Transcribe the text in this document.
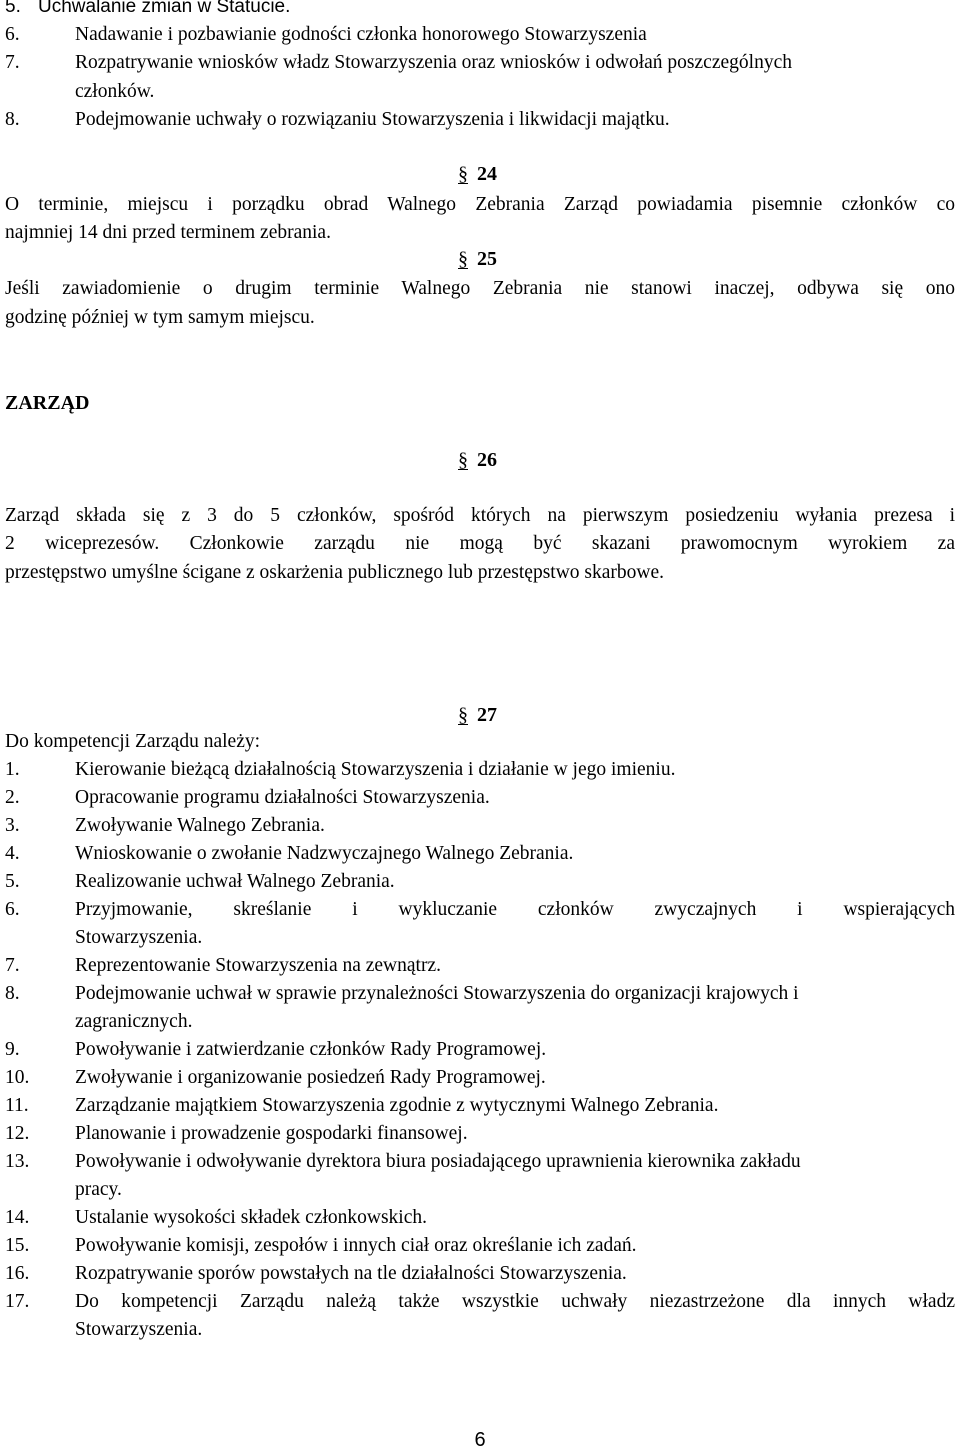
5. Uchwalanie zmian w Statucie.
6.	Nadawanie i pozbawianie godności członka honorowego Stowarzyszenia
7.	Rozpatrywanie wniosków władz Stowarzyszenia oraz wniosków i odwołań poszczególnych
członków.
8.	Podejmowanie uchwały o rozwiązaniu Stowarzyszenia i likwidacji majątku.
§ 24
O terminie, miejscu i porządku obrad Walnego Zebrania Zarząd powiadamia pisemnie członków co
najmniej 14 dni przed terminem zebrania.
§ 25
Jeśli zawiadomienie o drugim terminie Walnego Zebrania nie stanowi inaczej, odbywa się ono
godzinę później w tym samym miejscu.
ZARZĄD
§ 26
Zarząd składa się z 3 do 5 członków, spośród których na pierwszym posiedzeniu wyłania prezesa i
2 wiceprezesów. Członkowie zarządu nie mogą być skazani prawomocnym wyrokiem za
przestępstwo umyślne ścigane z oskarżenia publicznego lub przestępstwo skarbowe.
§ 27
Do kompetencji Zarządu należy:
1.	Kierowanie bieżącą działalnością Stowarzyszenia i działanie w jego imieniu.
2.	Opracowanie programu działalności Stowarzyszenia.
3.	Zwoływanie Walnego Zebrania.
4.	Wnioskowanie o zwołanie Nadzwyczajnego Walnego Zebrania.
5.	Realizowanie uchwał Walnego Zebrania.
6.	Przyjmowanie, skreślanie i wykluczanie członków zwyczajnych i wspierających
Stowarzyszenia.
7.	Reprezentowanie Stowarzyszenia na zewnątrz.
8.	Podejmowanie uchwał w sprawie przynależności Stowarzyszenia do organizacji krajowych i
zagranicznych.
9.	Powoływanie i zatwierdzanie członków Rady Programowej.
10. Zwoływanie i organizowanie posiedzeń Rady Programowej.
11. Zarządzanie majątkiem Stowarzyszenia zgodnie z wytycznymi Walnego Zebrania.
12. Planowanie i prowadzenie gospodarki finansowej.
13. Powoływanie i odwoływanie dyrektora biura posiadającego uprawnienia kierownika zakładu
pracy.
14. Ustalanie wysokości składek członkowskich.
15. Powoływanie komisji, zespołów i innych ciał oraz określanie ich zadań.
16. Rozpatrywanie sporów powstałych na tle działalności Stowarzyszenia.
17.	Do kompetencji Zarządu należą także wszystkie uchwały niezastrzeżone dla innych władz
Stowarzyszenia.
6
